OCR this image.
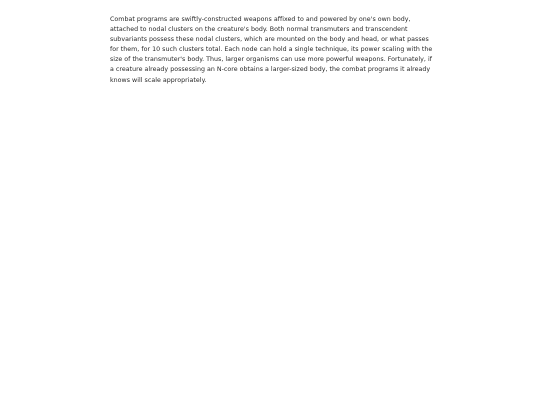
Combat programs are swiftly-constructed weapons affixed to and powered by one's own body, attached to nodal clusters on the creature's body. Both normal transmuters and transcendent subvariants possess these nodal clusters, which are mounted on the body and head, or what passes for them, for 10 such clusters total. Each node can hold a single technique, its power scaling with the size of the transmuter's body. Thus, larger organisms can use more powerful weapons. Fortunately, if a creature already possessing an N-core obtains a larger-sized body, the combat programs it already knows will scale appropriately.
